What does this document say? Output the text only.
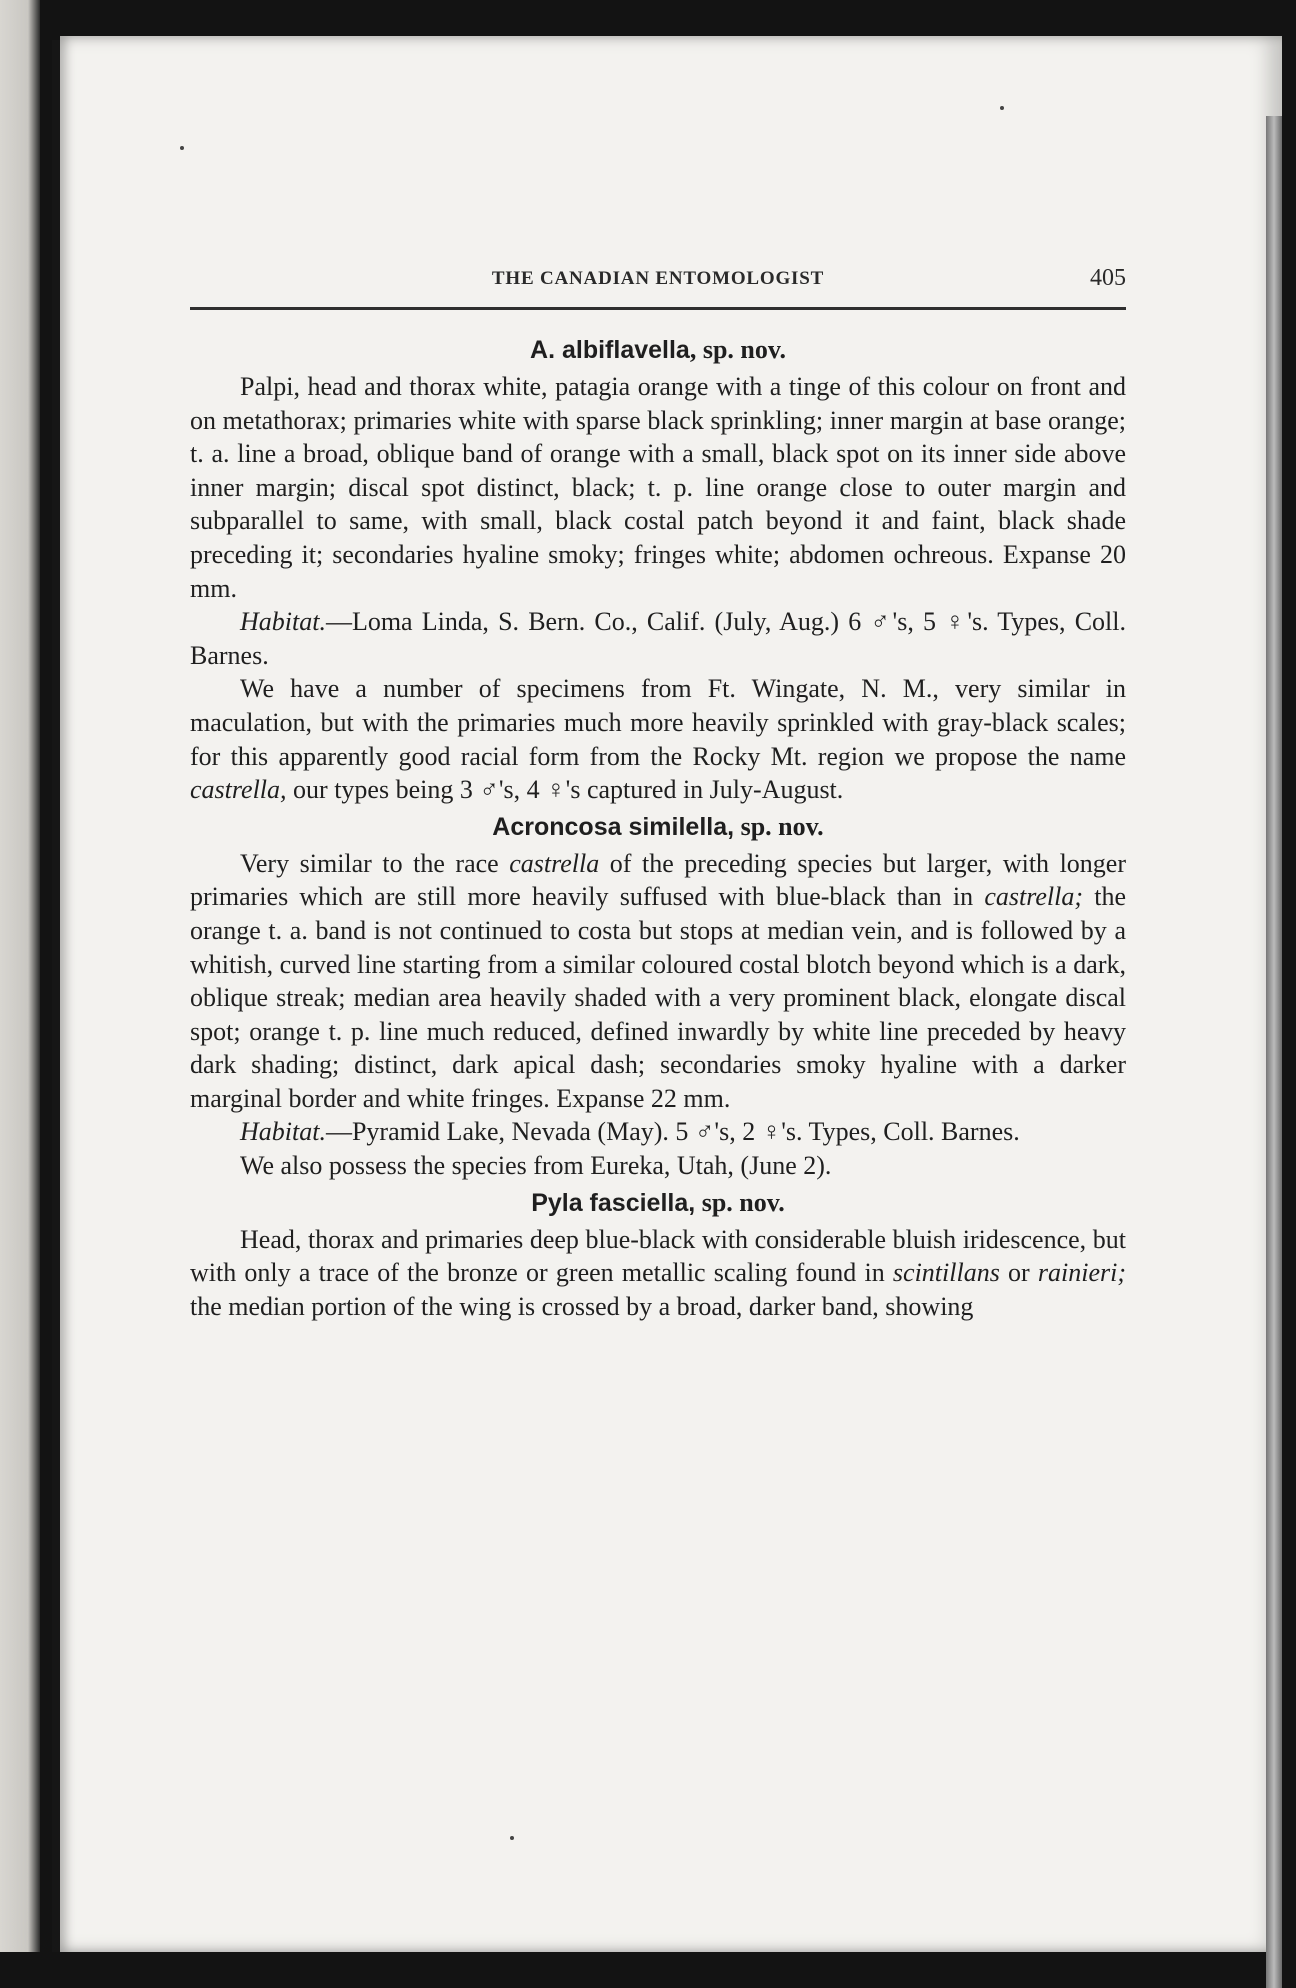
THE CANADIAN ENTOMOLOGIST	405
A. albiflavella, sp. nov.

Palpi, head and thorax white, patagia orange with a tinge of this colour on front and on metathorax; primaries white with sparse black sprinkling; inner margin at base orange; t. a. line a broad, oblique band of orange with a small, black spot on its inner side above inner margin; discal spot distinct, black; t. p. line orange close to outer margin and subparallel to same, with small, black costal patch beyond it and faint, black shade preceding it; secondaries hyaline smoky; fringes white; abdomen ochreous. Expanse 20 mm.

Habitat.—Loma Linda, S. Bern. Co., Calif. (July, Aug.) 6 ♂'s, 5 ♀'s. Types, Coll. Barnes.

We have a number of specimens from Ft. Wingate, N. M., very similar in maculation, but with the primaries much more heavily sprinkled with gray-black scales; for this apparently good racial form from the Rocky Mt. region we propose the name castrella, our types being 3 ♂'s, 4 ♀'s captured in July-August.

Acroncosa similella, sp. nov.

Very similar to the race castrella of the preceding species but larger, with longer primaries which are still more heavily suffused with blue-black than in castrella; the orange t. a. band is not continued to costa but stops at median vein, and is followed by a whitish, curved line starting from a similar coloured costal blotch beyond which is a dark, oblique streak; median area heavily shaded with a very prominent black, elongate discal spot; orange t. p. line much reduced, defined inwardly by white line preceded by heavy dark shading; distinct, dark apical dash; secondaries smoky hyaline with a darker marginal border and white fringes. Expanse 22 mm.

Habitat.—Pyramid Lake, Nevada (May). 5 ♂'s, 2 ♀'s. Types, Coll. Barnes.

We also possess the species from Eureka, Utah, (June 2).

Pyla fasciella, sp. nov.

Head, thorax and primaries deep blue-black with considerable bluish iridescence, but with only a trace of the bronze or green metallic scaling found in scintillans or rainieri; the median portion of the wing is crossed by a broad, darker band, showing
